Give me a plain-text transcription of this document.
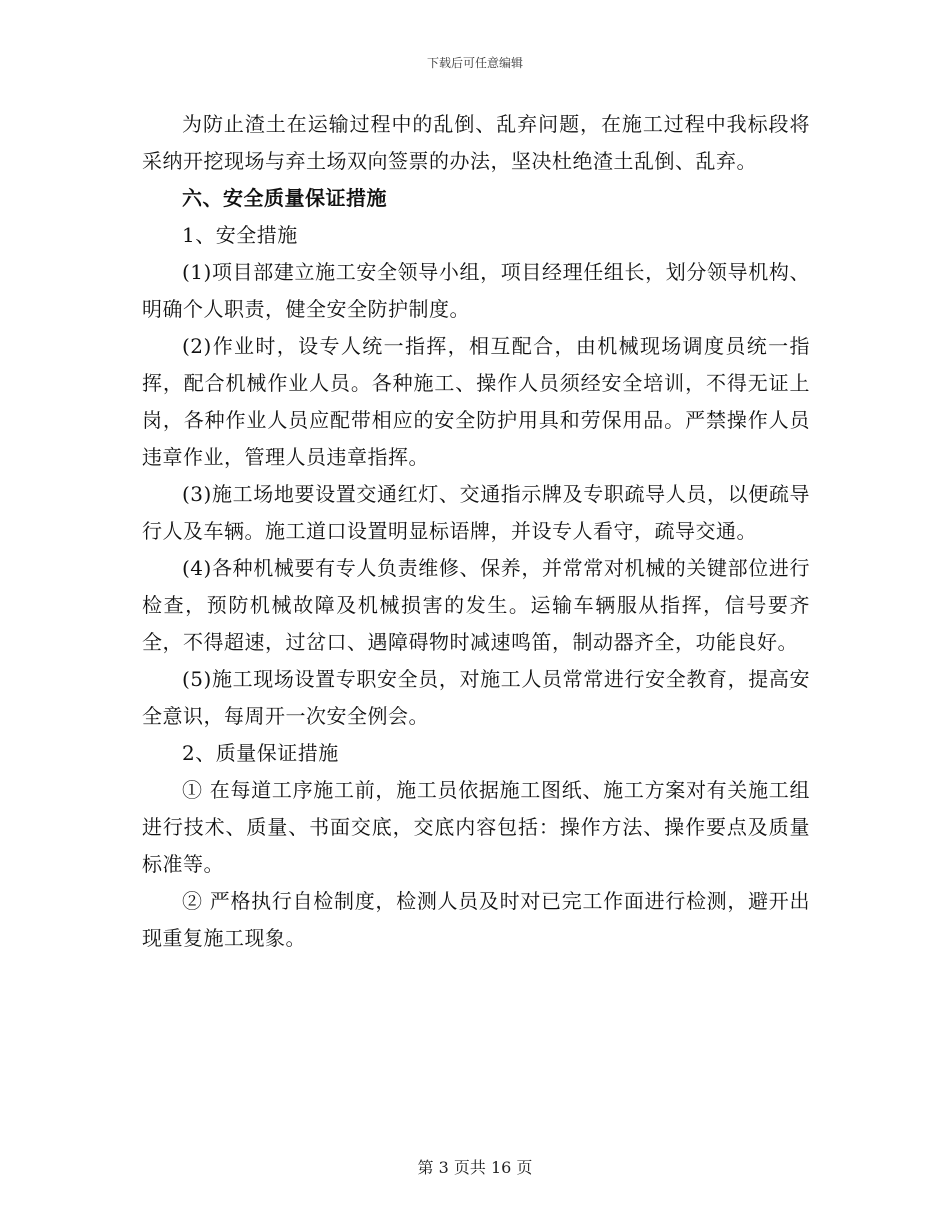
下载后可任意编辑

为防止渣土在运输过程中的乱倒、乱弃问题，在施工过程中我标段将采纳开挖现场与弃土场双向签票的办法，坚决杜绝渣土乱倒、乱弃。

六、安全质量保证措施

1、安全措施

(1)项目部建立施工安全领导小组，项目经理任组长，划分领导机构、明确个人职责，健全安全防护制度。

(2)作业时，设专人统一指挥，相互配合，由机械现场调度员统一指挥，配合机械作业人员。各种施工、操作人员须经安全培训，不得无证上岗，各种作业人员应配带相应的安全防护用具和劳保用品。严禁操作人员违章作业，管理人员违章指挥。

(3)施工场地要设置交通红灯、交通指示牌及专职疏导人员，以便疏导行人及车辆。施工道口设置明显标语牌，并设专人看守，疏导交通。

(4)各种机械要有专人负责维修、保养，并常常对机械的关键部位进行检查，预防机械故障及机械损害的发生。运输车辆服从指挥，信号要齐全，不得超速，过岔口、遇障碍物时减速鸣笛，制动器齐全，功能良好。

(5)施工现场设置专职安全员，对施工人员常常进行安全教育，提高安全意识，每周开一次安全例会。

2、质量保证措施

① 在每道工序施工前，施工员依据施工图纸、施工方案对有关施工组进行技术、质量、书面交底，交底内容包括：操作方法、操作要点及质量标准等。

② 严格执行自检制度，检测人员及时对已完工作面进行检测，避开出现重复施工现象。

第 3 页共 16 页
